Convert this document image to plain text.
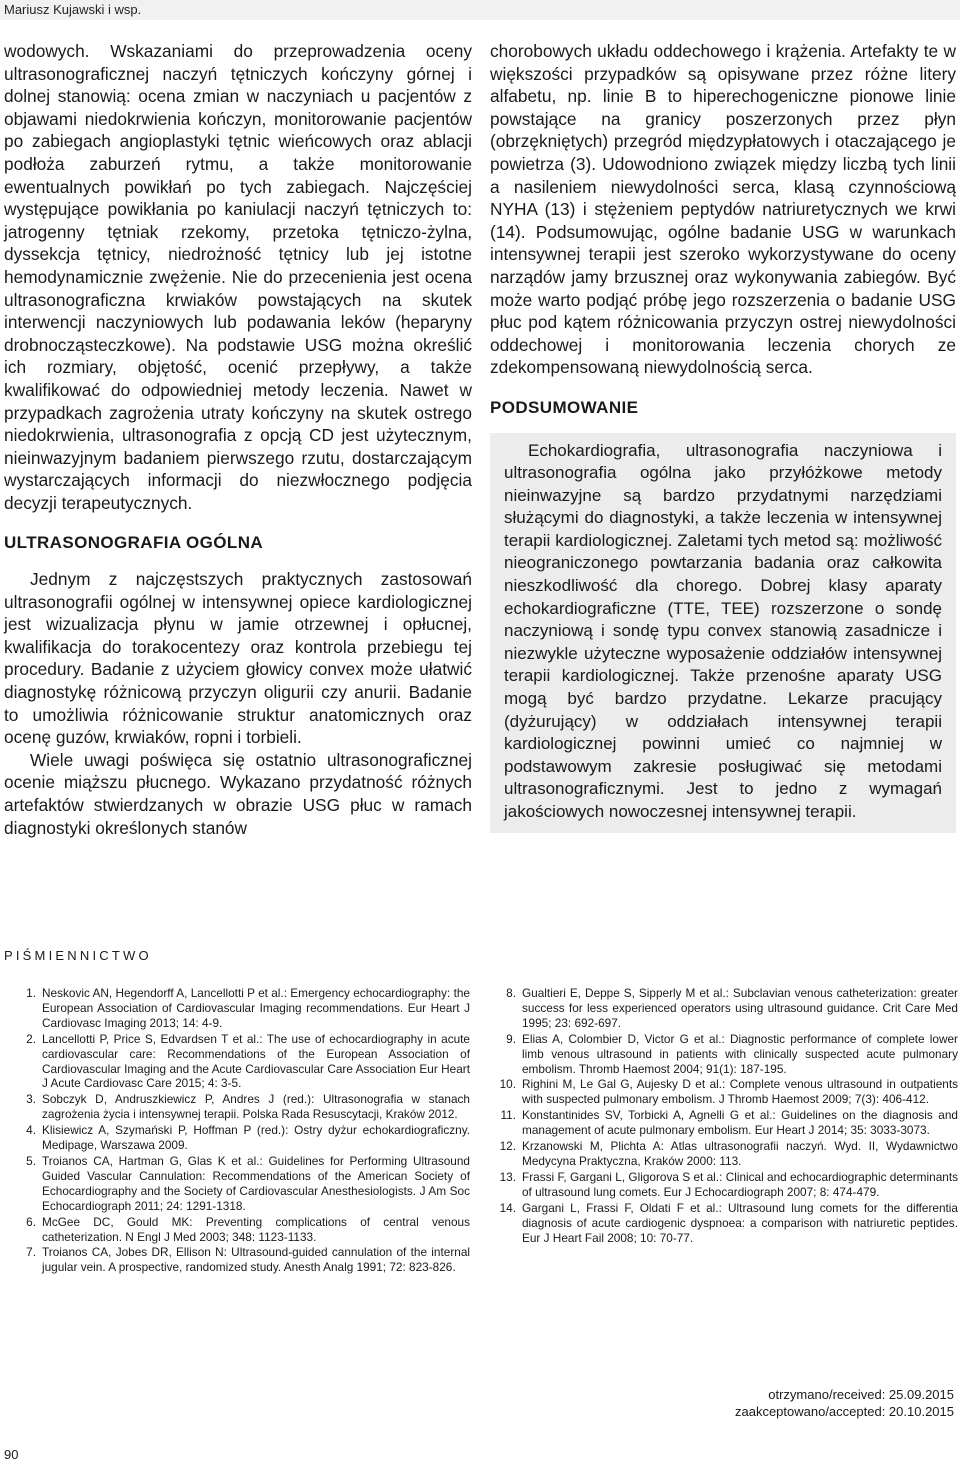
Mariusz Kujawski i wsp.

wodowych. Wskazaniami do przeprowadzenia oceny ultrasonograficznej naczyń tętniczych kończyny górnej i dolnej stanowią: ocena zmian w naczyniach u pacjentów z objawami niedokrwienia kończyn, monitorowanie pacjentów po zabiegach angioplastyki tętnic wieńcowych oraz ablacji podłoża zaburzeń rytmu, a także monitorowanie ewentualnych powikłań po tych zabiegach. Najczęściej występujące powikłania po kaniulacji naczyń tętniczych to: jatrogenny tętniak rzekomy, przetoka tętniczo-żylna, dyssekcja tętnicy, niedrożność tętnicy lub jej istotne hemodynamicznie zwężenie. Nie do przecenienia jest ocena ultrasonograficzna krwiaków powstających na skutek interwencji naczyniowych lub podawania leków (heparyny drobnocząsteczkowe). Na podstawie USG można określić ich rozmiary, objętość, ocenić przepływy, a także kwalifikować do odpowiedniej metody leczenia. Nawet w przypadkach zagrożenia utraty kończyny na skutek ostrego niedokrwienia, ultrasonografia z opcją CD jest użytecznym, nieinwazyjnym badaniem pierwszego rzutu, dostarczającym wystarczających informacji do niezwłocznego podjęcia decyzji terapeutycznych.

ULTRASONOGRAFIA OGÓLNA

Jednym z najczęstszych praktycznych zastosowań ultrasonografii ogólnej w intensywnej opiece kardiologicznej jest wizualizacja płynu w jamie otrzewnej i opłucnej, kwalifikacja do torakocentezy oraz kontrola przebiegu tej procedury. Badanie z użyciem głowicy convex może ułatwić diagnostykę różnicową przyczyn oligurii czy anurii. Badanie to umożliwia różnicowanie struktur anatomicznych oraz ocenę guzów, krwiaków, ropni i torbieli.

Wiele uwagi poświęca się ostatnio ultrasonograficznej ocenie miąższu płucnego. Wykazano przydatność różnych artefaktów stwierdzanych w obrazie USG płuc w ramach diagnostyki określonych stanów

chorobowych układu oddechowego i krążenia. Artefakty te w większości przypadków są opisywane przez różne litery alfabetu, np. linie B to hiperechogeniczne pionowe linie powstające na granicy poszerzonych przez płyn (obrzękniętych) przegród międzypłatowych i otaczającego je powietrza (3). Udowodniono związek między liczbą tych linii a nasileniem niewydolności serca, klasą czynnościową NYHA (13) i stężeniem peptydów natriuretycznych we krwi (14). Podsumowując, ogólne badanie USG w warunkach intensywnej terapii jest szeroko wykorzystywane do oceny narządów jamy brzusznej oraz wykonywania zabiegów. Być może warto podjąć próbę jego rozszerzenia o badanie USG płuc pod kątem różnicowania przyczyn ostrej niewydolności oddechowej i monitorowania leczenia chorych ze zdekompensowaną niewydolnością serca.

PODSUMOWANIE

Echokardiografia, ultrasonografia naczyniowa i ultrasonografia ogólna jako przyłóżkowe metody nieinwazyjne są bardzo przydatnymi narzędziami służącymi do diagnostyki, a także leczenia w intensywnej terapii kardiologicznej. Zaletami tych metod są: możliwość nieograniczonego powtarzania badania oraz całkowita nieszkodliwość dla chorego. Dobrej klasy aparaty echokardiograficzne (TTE, TEE) rozszerzone o sondę naczyniową i sondę typu convex stanowią zasadnicze i niezwykle użyteczne wyposażenie oddziałów intensywnej terapii kardiologicznej. Także przenośne aparaty USG mogą być bardzo przydatne. Lekarze pracujący (dyżurujący) w oddziałach intensywnej terapii kardiologicznej powinni umieć co najmniej w podstawowym zakresie posługiwać się metodami ultrasonograficznymi. Jest to jedno z wymagań jakościowych nowoczesnej intensywnej terapii.

PIŚMIENNICTWO
1. Neskovic AN, Hegendorff A, Lancellotti P et al.: Emergency echocardiography: the European Association of Cardiovascular Imaging recommendations. Eur Heart J Cardiovasc Imaging 2013; 14: 4-9.
2. Lancellotti P, Price S, Edvardsen T et al.: The use of echocardiography in acute cardiovascular care: Recommendations of the European Association of Cardiovascular Imaging and the Acute Cardiovascular Care Association Eur Heart J Acute Cardiovasc Care 2015; 4: 3-5.
3. Sobczyk D, Andruszkiewicz P, Andres J (red.): Ultrasonografia w stanach zagrożenia życia i intensywnej terapii. Polska Rada Resuscytacji, Kraków 2012.
4. Klisiewicz A, Szymański P, Hoffman P (red.): Ostry dyżur echokardiograficzny. Medipage, Warszawa 2009.
5. Troianos CA, Hartman G, Glas K et al.: Guidelines for Performing Ultrasound Guided Vascular Cannulation: Recommendations of the American Society of Echocardiography and the Society of Cardiovascular Anesthesiologists. J Am Soc Echocardiograph 2011; 24: 1291-1318.
6. McGee DC, Gould MK: Preventing complications of central venous catheterization. N Engl J Med 2003; 348: 1123-1133.
7. Troianos CA, Jobes DR, Ellison N: Ultrasound-guided cannulation of the internal jugular vein. A prospective, randomized study. Anesth Analg 1991; 72: 823-826.
8. Gualtieri E, Deppe S, Sipperly M et al.: Subclavian venous catheterization: greater success for less experienced operators using ultrasound guidance. Crit Care Med 1995; 23: 692-697.
9. Elias A, Colombier D, Victor G et al.: Diagnostic performance of complete lower limb venous ultrasound in patients with clinically suspected acute pulmonary embolism. Thromb Haemost 2004; 91(1): 187-195.
10. Righini M, Le Gal G, Aujesky D et al.: Complete venous ultrasound in outpatients with suspected pulmonary embolism. J Thromb Haemost 2009; 7(3): 406-412.
11. Konstantinides SV, Torbicki A, Agnelli G et al.: Guidelines on the diagnosis and management of acute pulmonary embolism. Eur Heart J 2014; 35: 3033-3073.
12. Krzanowski M, Plichta A: Atlas ultrasonografii naczyń. Wyd. II, Wydawnictwo Medycyna Praktyczna, Kraków 2000: 113.
13. Frassi F, Gargani L, Gligorova S et al.: Clinical and echocardiographic determinants of ultrasound lung comets. Eur J Echocardiograph 2007; 8: 474-479.
14. Gargani L, Frassi F, Oldati F et al.: Ultrasound lung comets for the differentia diagnosis of acute cardiogenic dyspnoea: a comparison with natriuretic peptides. Eur J Heart Fail 2008; 10: 70-77.
otrzymano/received: 25.09.2015
zaakceptowano/accepted: 20.10.2015
90
